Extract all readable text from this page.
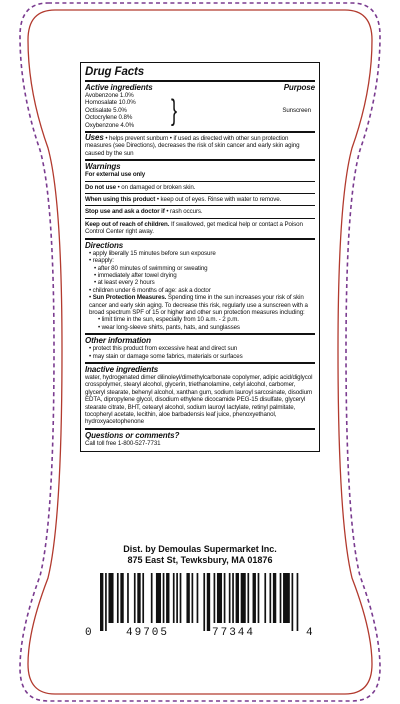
Drug Facts
Active ingredients	Purpose
Avobenzone 1.0%
Homosalate 10.0%
Octisalate 5.0%
Octocrylene 0.8%
Oxybenzone 4.0%	}	Sunscreen
Uses • helps prevent sunburn • if used as directed with other sun protection measures (see Directions), decreases the risk of skin cancer and early skin aging caused by the sun
Warnings
For external use only
Do not use • on damaged or broken skin.
When using this product • keep out of eyes. Rinse with water to remove.
Stop use and ask a doctor if • rash occurs.
Keep out of reach of children. If swallowed, get medical help or contact a Poison Control Center right away.
Directions
• apply liberally 15 minutes before sun exposure
• reapply:
• after 80 minutes of swimming or sweating
• immediately after towel drying
• at least every 2 hours
• children under 6 months of age: ask a doctor
• Sun Protection Measures. Spending time in the sun increases your risk of skin cancer and early skin aging. To decrease this risk, regularly use a sunscreen with a broad spectrum SPF of 15 or higher and other sun protection measures including:
• limit time in the sun, especially from 10 a.m. - 2 p.m.
• wear long-sleeve shirts, pants, hats, and sunglasses
Other information
• protect this product from excessive heat and direct sun
• may stain or damage some fabrics, materials or surfaces
Inactive ingredients
water, hydrogenated dimer dilinoleyl/dimethylcarbonate copolymer, adipic acid/diglycol crosspolymer, stearyl alcohol, glycerin, triethanolamine, cetyl alcohol, carbomer, glyceryl stearate, behenyl alcohol, xanthan gum, sodium lauroyl sarcosinate, disodium EDTA, dipropylene glycol, disodium ethylene dicocamide PEG-15 disulfate, glyceryl stearate citrate, BHT, cetearyl alcohol, sodium lauroyl lactylate, retinyl palmitate, tocopheryl acetate, lecithin, aloe barbadensis leaf juice, phenoxyethanol, hydroxyacetophenone
Questions or comments?
Call toll free 1-800-527-7731
Dist. by Demoulas Supermarket Inc.
875 East St, Tewksbury, MA 01876
0	49705	77344	4
